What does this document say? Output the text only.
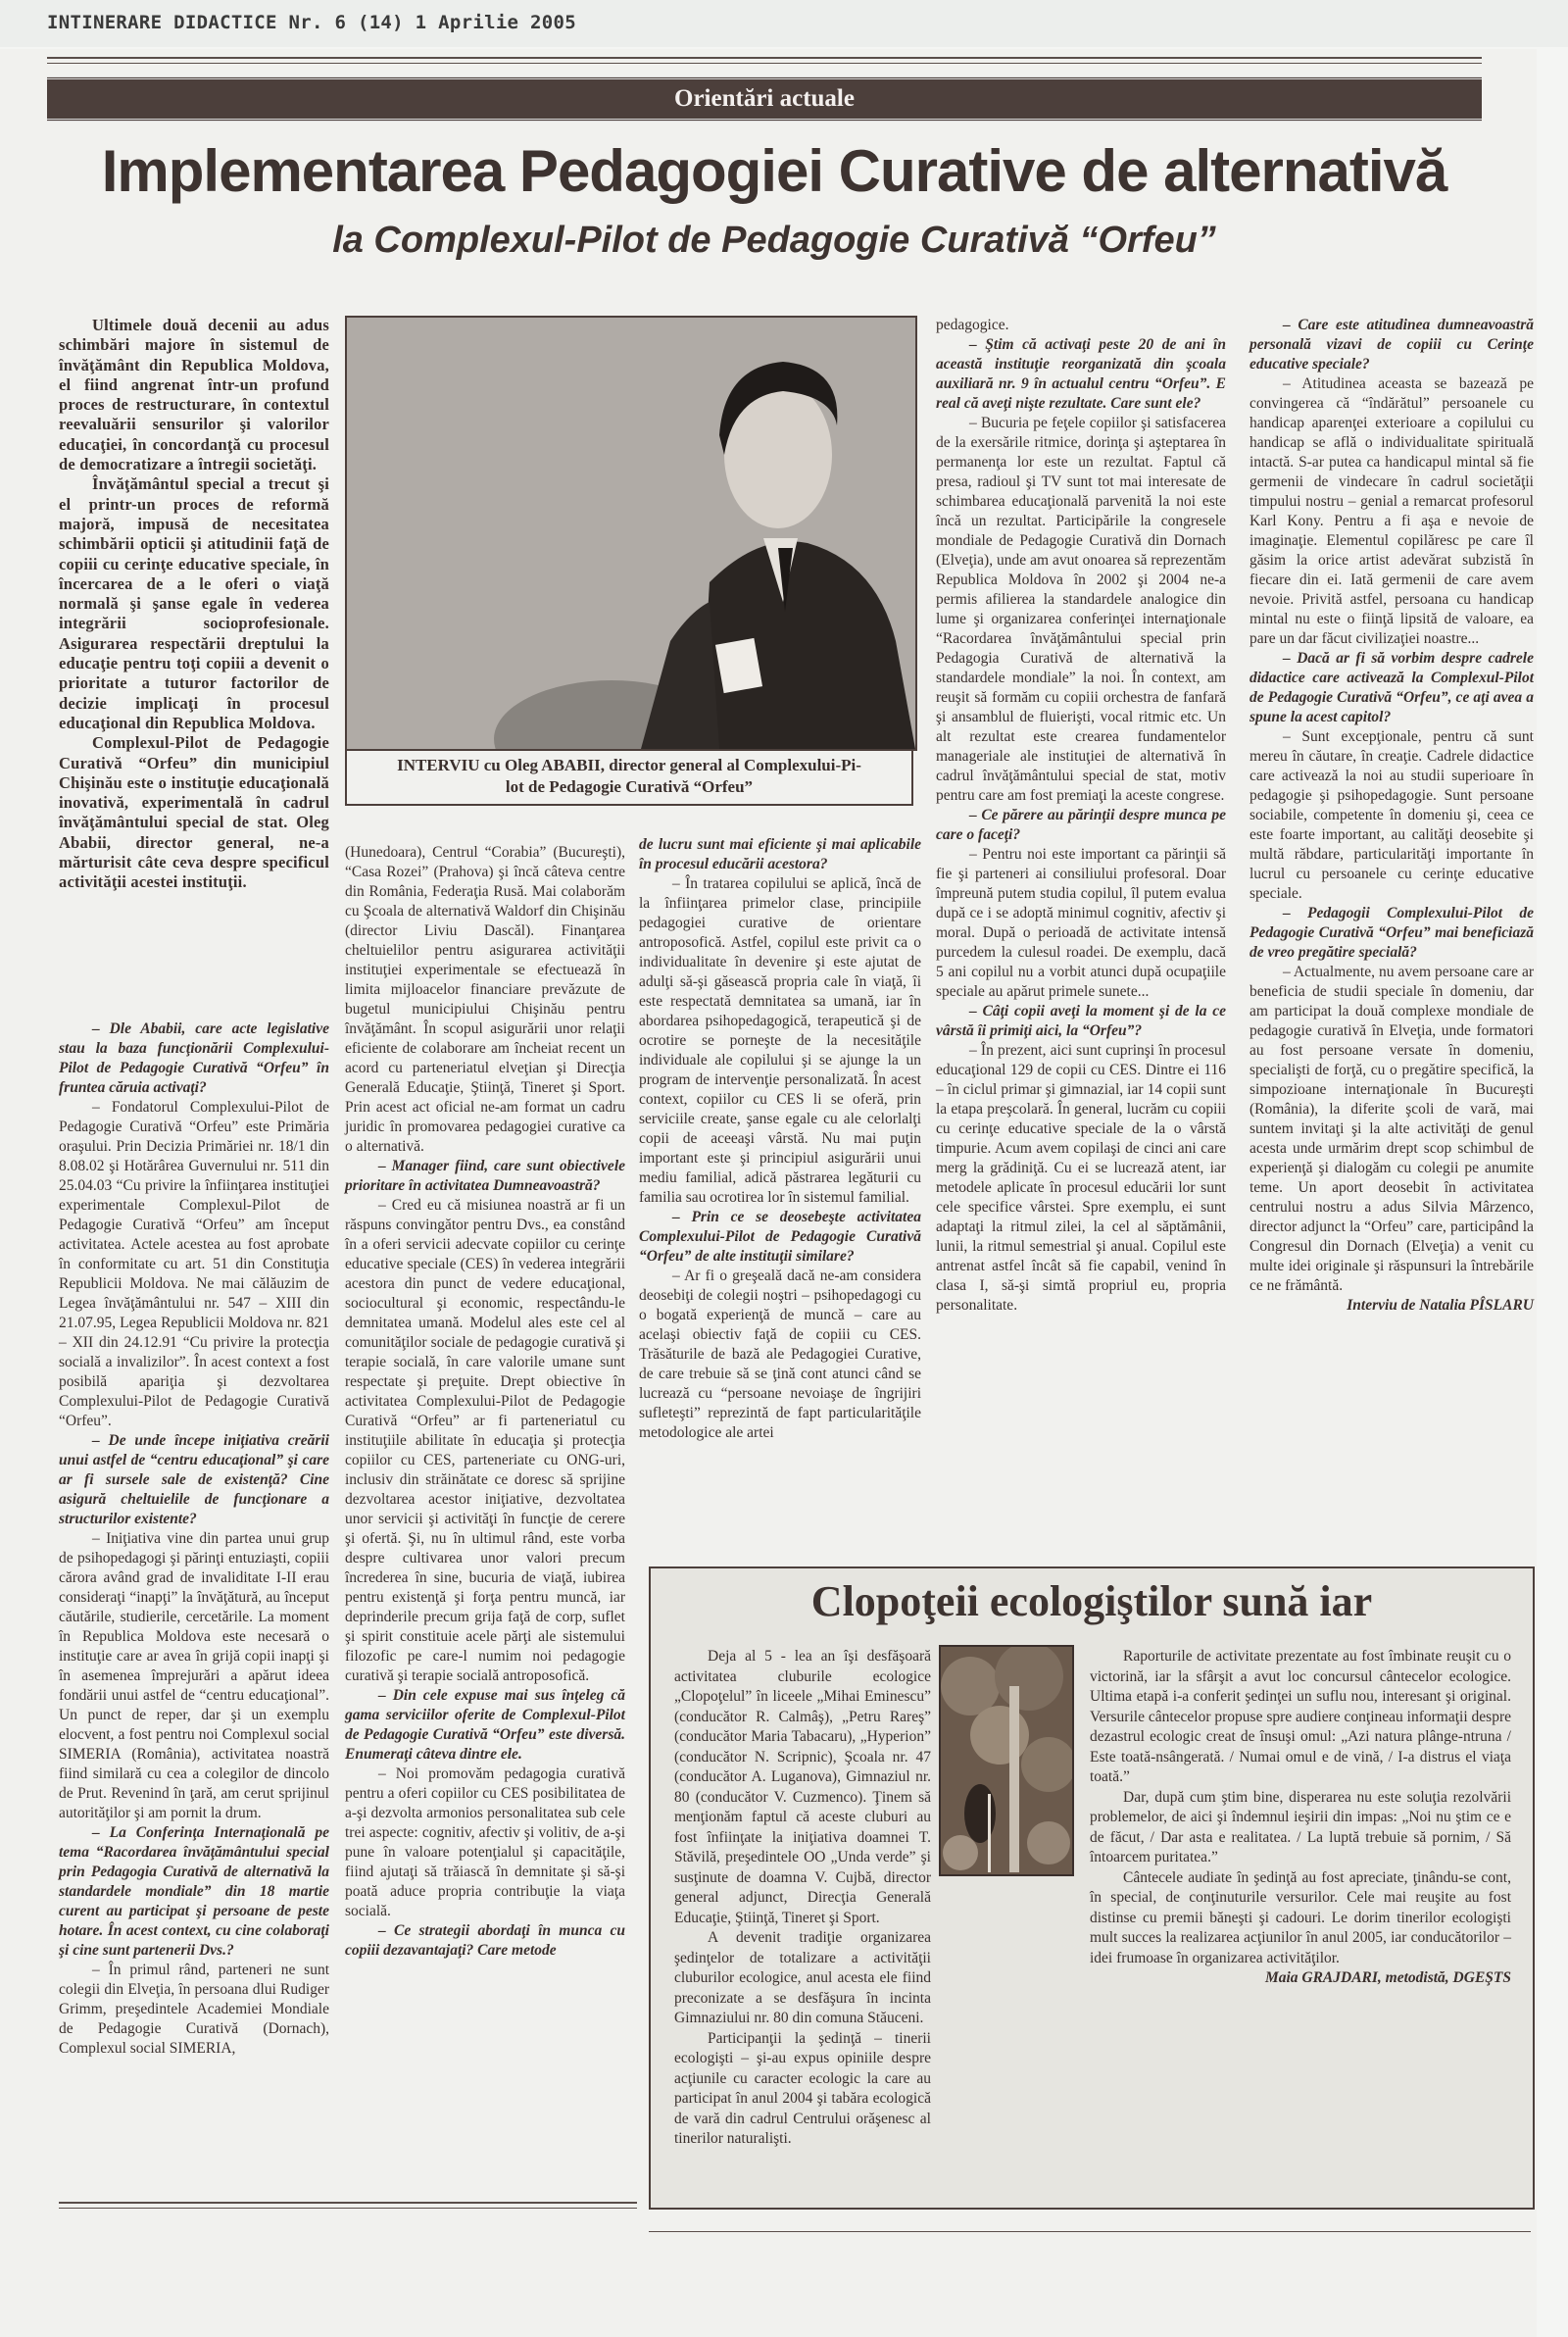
INTINERARE DIDACTICE Nr. 6 (14) 1 Aprilie 2005
Orientări actuale
Implementarea Pedagogiei Curative de alternativă
la Complexul-Pilot de Pedagogie Curativă “Orfeu”

Ultimele două decenii au adus schimbări majore în sistemul de învăţământ din Republica Moldova, el fiind angrenat într-un profund proces de restructurare, în contextul reevaluării sensurilor şi valorilor educaţiei, în concordanţă cu procesul de democratizare a întregii societăţi.

Învăţământul special a trecut şi el printr-un proces de reformă majoră, impusă de necesitatea schimbării opticii şi atitudinii faţă de copiii cu cerinţe educative speciale, în încercarea de a le oferi o viaţă normală şi şanse egale în vederea integrării socioprofesionale. Asigurarea respectării dreptului la educaţie pentru toţi copiii a devenit o prioritate a tuturor factorilor de decizie implicaţi în procesul educaţional din Republica Moldova.

Complexul-Pilot de Pedagogie Curativă “Orfeu” din municipiul Chişinău este o instituţie educaţională inovativă, experimentală în cadrul învăţământului special de stat. Oleg Ababii, director general, ne-a mărturisit câte ceva despre specificul activităţii acestei instituţii.

– Dle Ababii, care acte legislative stau la baza funcţionării Complexului-Pilot de Pedagogie Curativă “Orfeu” în fruntea căruia activaţi?

– Fondatorul Complexului-Pilot de Pedagogie Curativă “Orfeu” este Primăria oraşului. Prin Decizia Primăriei nr. 18/1 din 8.08.02 şi Hotărârea Guvernului nr. 511 din 25.04.03 “Cu privire la înfiinţarea instituţiei experimentale Complexul-Pilot de Pedagogie Curativă “Orfeu” am început activitatea. Actele acestea au fost aprobate în conformitate cu art. 51 din Constituţia Republicii Moldova. Ne mai călăuzim de Legea învăţământului nr. 547 – XIII din 21.07.95, Legea Republicii Moldova nr. 821 – XII din 24.12.91 “Cu privire la protecţia socială a invalizilor”. În acest context a fost posibilă apariţia şi dezvoltarea Complexului-Pilot de Pedagogie Curativă “Orfeu”.

– De unde începe iniţiativa creării unui astfel de “centru educaţional” şi care ar fi sursele sale de existenţă? Cine asigură cheltuielile de funcţionare a structurilor existente?

– Iniţiativa vine din partea unui grup de psihopedagogi şi părinţi entuziaşti, copiii cărora având grad de invaliditate I-II erau consideraţi “inapţi” la învăţătură, au început căutările, studierile, cercetările. La moment în Republica Moldova este necesară o instituţie care ar avea în grijă copii inapţi şi în asemenea împrejurări a apărut ideea fondării unui astfel de “centru educaţional”. Un punct de reper, dar şi un exemplu elocvent, a fost pentru noi Complexul social SIMERIA (România), activitatea noastră fiind similară cu cea a colegilor de dincolo de Prut. Revenind în ţară, am cerut sprijinul autorităţilor şi am pornit la drum.

– La Conferinţa Internaţională pe tema “Racordarea învăţământului special prin Pedagogia Curativă de alternativă la standardele mondiale” din 18 martie curent au participat şi persoane de peste hotare. În acest context, cu cine colaboraţi şi cine sunt partenerii Dvs.?

– În primul rând, parteneri ne sunt colegii din Elveţia, în persoana dlui Rudiger Grimm, preşedintele Academiei Mondiale de Pedagogie Curativă (Dornach), Complexul social SIMERIA,

INTERVIU cu Oleg ABABII, director general al Complexului-Pi-
lot de Pedagogie Curativă “Orfeu”

(Hunedoara), Centrul “Corabia” (Bucureşti), “Casa Rozei” (Prahova) şi încă câteva centre din România, Federaţia Rusă. Mai colaborăm cu Şcoala de alternativă Waldorf din Chişinău (director Liviu Dascăl). Finanţarea cheltuielilor pentru asigurarea activităţii instituţiei experimentale se efectuează în limita mijloacelor financiare prevăzute de bugetul municipiului Chişinău pentru învăţământ. În scopul asigurării unor relaţii eficiente de colaborare am încheiat recent un acord cu parteneriatul elveţian şi Direcţia Generală Educaţie, Ştiinţă, Tineret şi Sport. Prin acest act oficial ne-am format un cadru juridic în promovarea pedagogiei curative ca o alternativă.

– Manager fiind, care sunt obiectivele prioritare în activitatea Dumneavoastră?

– Cred eu că misiunea noastră ar fi un răspuns convingător pentru Dvs., ea constând în a oferi servicii adecvate copiilor cu cerinţe educative speciale (CES) în vederea integrării acestora din punct de vedere educaţional, sociocultural şi economic, respectându-le demnitatea umană. Modelul ales este cel al comunităţilor sociale de pedagogie curativă şi terapie socială, în care valorile umane sunt respectate şi preţuite. Drept obiective în activitatea Complexului-Pilot de Pedagogie Curativă “Orfeu” ar fi parteneriatul cu instituţiile abilitate în educaţia şi protecţia copiilor cu CES, parteneriate cu ONG-uri, inclusiv din străinătate ce doresc să sprijine dezvoltarea acestor iniţiative, dezvoltatea unor servicii şi activităţi în funcţie de cerere şi ofertă. Şi, nu în ultimul rând, este vorba despre cultivarea unor valori precum încrederea în sine, bucuria de viaţă, iubirea pentru existenţă şi forţa pentru muncă, iar deprinderile precum grija faţă de corp, suflet şi spirit constituie acele părţi ale sistemului filozofic pe care-l numim noi pedagogie curativă şi terapie socială antroposofică.

– Din cele expuse mai sus înţeleg că gama serviciilor oferite de Complexul-Pilot de Pedagogie Curativă “Orfeu” este diversă. Enumeraţi câteva dintre ele.

– Noi promovăm pedagogia curativă pentru a oferi copiilor cu CES posibilitatea de a-şi dezvolta armonios personalitatea sub cele trei aspecte: cognitiv, afectiv şi volitiv, de a-şi pune în valoare potenţialul şi capacităţile, fiind ajutaţi să trăiască în demnitate şi să-şi poată aduce propria contribuţie la viaţa socială.

– Ce strategii abordaţi în munca cu copiii dezavantajaţi? Care metode

de lucru sunt mai eficiente şi mai aplicabile în procesul educării acestora?

– În tratarea copilului se aplică, încă de la înfiinţarea primelor clase, principiile pedagogiei curative de orientare antroposofică. Astfel, copilul este privit ca o individualitate în devenire şi este ajutat de adulţi să-şi găsească propria cale în viaţă, îi este respectată demnitatea sa umană, iar în abordarea psihopedagogică, terapeutică şi de ocrotire se porneşte de la necesităţile individuale ale copilului şi se ajunge la un program de intervenţie personalizată. În acest context, copiilor cu CES li se oferă, prin serviciile create, şanse egale cu ale celorlalţi copii de aceeaşi vârstă. Nu mai puţin important este şi principiul asigurării unui mediu familial, adică păstrarea legăturii cu familia sau ocrotirea lor în sistemul familial.

– Prin ce se deosebeşte activitatea Complexului-Pilot de Pedagogie Curativă “Orfeu” de alte instituţii similare?

– Ar fi o greşeală dacă ne-am considera deosebiţi de colegii noştri – psihopedagogi cu o bogată experienţă de muncă – care au acelaşi obiectiv faţă de copiii cu CES. Trăsăturile de bază ale Pedagogiei Curative, de care trebuie să se ţină cont atunci când se lucrează cu “persoane nevoiaşe de îngrijiri sufleteşti” reprezintă de fapt particularităţile metodologice ale artei

pedagogice.

– Ştim că activaţi peste 20 de ani în această instituţie reorganizată din şcoala auxiliară nr. 9 în actualul centru “Orfeu”. E real că aveţi nişte rezultate. Care sunt ele?

– Bucuria pe feţele copiilor şi satisfacerea de la exersările ritmice, dorinţa şi aşteptarea în permanenţa lor este un rezultat. Faptul că presa, radioul şi TV sunt tot mai interesate de schimbarea educaţională parvenită la noi este încă un rezultat. Participările la congresele mondiale de Pedagogie Curativă din Dornach (Elveţia), unde am avut onoarea să reprezentăm Republica Moldova în 2002 şi 2004 ne-a permis afilierea la standardele analogice din lume şi organizarea conferinţei internaţionale “Racordarea învăţământului special prin Pedagogia Curativă de alternativă la standardele mondiale” la noi. În context, am reuşit să formăm cu copiii orchestra de fanfară şi ansamblul de fluierişti, vocal ritmic etc. Un alt rezultat este crearea fundamentelor manageriale ale instituţiei de alternativă în cadrul învăţământului special de stat, motiv pentru care am fost premiaţi la aceste congrese.

– Ce părere au părinţii despre munca pe care o faceţi?

– Pentru noi este important ca părinţii să fie şi parteneri ai consiliului profesoral. Doar împreună putem studia copilul, îl putem evalua după ce i se adoptă minimul cognitiv, afectiv şi moral. După o perioadă de activitate intensă purcedem la culesul roadei. De exemplu, dacă 5 ani copilul nu a vorbit atunci după ocupaţiile speciale au apărut primele sunete...

– Câţi copii aveţi la moment şi de la ce vârstă îi primiţi aici, la “Orfeu”?

– În prezent, aici sunt cuprinşi în procesul educaţional 129 de copii cu CES. Dintre ei 116 – în ciclul primar şi gimnazial, iar 14 copii sunt la etapa preşcolară. În general, lucrăm cu copiii cu cerinţe educative speciale de la o vârstă timpurie. Acum avem copilaşi de cinci ani care merg la grădiniţă. Cu ei se lucrează atent, iar metodele aplicate în procesul educării lor sunt cele specifice vârstei. Spre exemplu, ei sunt adaptaţi la ritmul zilei, la cel al săptămânii, lunii, la ritmul semestrial şi anual. Copilul este antrenat astfel încât să fie capabil, venind în clasa I, să-şi simtă propriul eu, propria personalitate.

– Care este atitudinea dumneavoastră personală vizavi de copiii cu Cerinţe educative speciale?

– Atitudinea aceasta se bazează pe convingerea că “îndărătul” persoanele cu handicap aparenţei exterioare a copilului cu handicap se află o individualitate spirituală intactă. S-ar putea ca handicapul mintal să fie germenii de vindecare în cadrul societăţii timpului nostru – genial a remarcat profesorul Karl Kony. Pentru a fi aşa e nevoie de imaginaţie. Elementul copilăresc pe care îl găsim la orice artist adevărat subzistă în fiecare din ei. Iată germenii de care avem nevoie. Privită astfel, persoana cu handicap mintal nu este o fiinţă lipsită de valoare, ea pare un dar făcut civilizaţiei noastre...

– Dacă ar fi să vorbim despre cadrele didactice care activează la Complexul-Pilot de Pedagogie Curativă “Orfeu”, ce aţi avea a spune la acest capitol?

– Sunt excepţionale, pentru că sunt mereu în căutare, în creaţie. Cadrele didactice care activează la noi au studii superioare în pedagogie şi psihopedagogie. Sunt persoane sociabile, competente în domeniu şi, ceea ce este foarte important, au calităţi deosebite şi multă răbdare, particularităţi importante în lucrul cu persoanele cu cerinţe educative speciale.

– Pedagogii Complexului-Pilot de Pedagogie Curativă “Orfeu” mai beneficiază de vreo pregătire specială?

– Actualmente, nu avem persoane care ar beneficia de studii speciale în domeniu, dar am participat la două complexe mondiale de pedagogie curativă în Elveţia, unde formatori au fost persoane versate în domeniu, specialişti de forţă, cu o pregătire specifică, la simpozioane internaţionale în Bucureşti (România), la diferite şcoli de vară, mai suntem invitaţi şi la alte activităţi de genul acesta unde urmărim drept scop schimbul de experienţă şi dialogăm cu colegii pe anumite teme. Un aport deosebit în activitatea centrului nostru a adus Silvia Mârzenco, director adjunct la “Orfeu” care, participând la Congresul din Dornach (Elveţia) a venit cu multe idei originale şi răspunsuri la întrebările ce ne frământă.

Interviu de Natalia PÎSLARU

Clopoţeii ecologiştilor sună iar

Deja al 5 - lea an îşi desfăşoară activitatea cluburile ecologice „Clopoţelul” în liceele „Mihai Eminescu” (conducător R. Calmâş), „Petru Rareş” (conducător Maria Tabacaru), „Hyperion” (conducător N. Scripnic), Şcoala nr. 47 (conducător A. Luganova), Gimnaziul nr. 80 (conducător V. Cuzmenco). Ţinem să menţionăm faptul că aceste cluburi au fost înfiinţate la iniţiativa doamnei T. Stăvilă, preşedintele OO „Unda verde” şi susţinute de doamna V. Cujbă, director general adjunct, Direcţia Generală Educaţie, Ştiinţă, Tineret şi Sport.

A devenit tradiţie organizarea şedinţelor de totalizare a activităţii cluburilor ecologice, anul acesta ele fiind preconizate a se desfăşura în incinta Gimnaziului nr. 80 din comuna Stăuceni.

Participanţii la şedinţă – tinerii ecologişti – şi-au expus opiniile despre acţiunile cu caracter ecologic la care au participat în anul 2004 şi tabăra ecologică de vară din cadrul Centrului orăşenesc al tinerilor naturalişti.

Raporturile de activitate prezentate au fost îmbinate reuşit cu o victorină, iar la sfârşit a avut loc concursul cântecelor ecologice. Ultima etapă i-a conferit şedinţei un suflu nou, interesant şi original. Versurile cântecelor propuse spre audiere conţineau informaţii despre dezastrul ecologic creat de însuşi omul: „Azi natura plânge-ntruna / Este toată-nsângerată. / Numai omul e de vină, / I-a distrus el viaţa toată.”

Dar, după cum ştim bine, disperarea nu este soluţia rezolvării problemelor, de aici şi îndemnul ieşirii din impas: „Noi nu ştim ce e de făcut, / Dar asta e realitatea. / La luptă trebuie să pornim, / Să întoarcem puritatea.”

Cântecele audiate în şedinţă au fost apreciate, ţinându-se cont, în special, de conţinuturile versurilor. Cele mai reuşite au fost distinse cu premii băneşti şi cadouri. Le dorim tinerilor ecologişti mult succes la realizarea acţiunilor în anul 2005, iar conducătorilor – idei frumoase în organizarea activităţilor.

Maia GRAJDARI, metodistă, DGEŞTS
